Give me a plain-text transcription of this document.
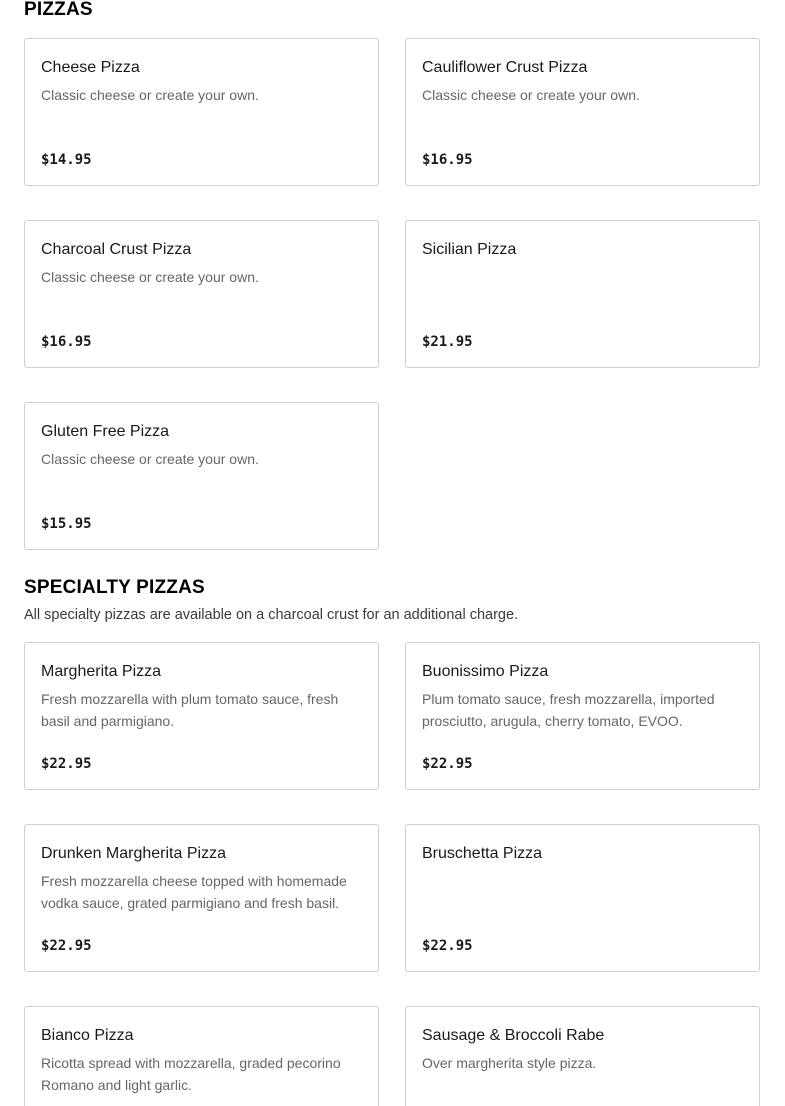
PIZZAS
Cheese Pizza
Classic cheese or create your own.
$14.95
Cauliflower Crust Pizza
Classic cheese or create your own.
$16.95
Charcoal Crust Pizza
Classic cheese or create your own.
$16.95
Sicilian Pizza
$21.95
Gluten Free Pizza
Classic cheese or create your own.
$15.95
SPECIALTY PIZZAS
All specialty pizzas are available on a charcoal crust for an additional charge.
Margherita Pizza
Fresh mozzarella with plum tomato sauce, fresh basil and parmigiano.
$22.95
Buonissimo Pizza
Plum tomato sauce, fresh mozzarella, imported prosciutto, arugula, cherry tomato, EVOO.
$22.95
Drunken Margherita Pizza
Fresh mozzarella cheese topped with homemade vodka sauce, grated parmigiano and fresh basil.
$22.95
Bruschetta Pizza
$22.95
Bianco Pizza
Ricotta spread with mozzarella, graded pecorino Romano and light garlic.
Sausage & Broccoli Rabe
Over margherita style pizza.
